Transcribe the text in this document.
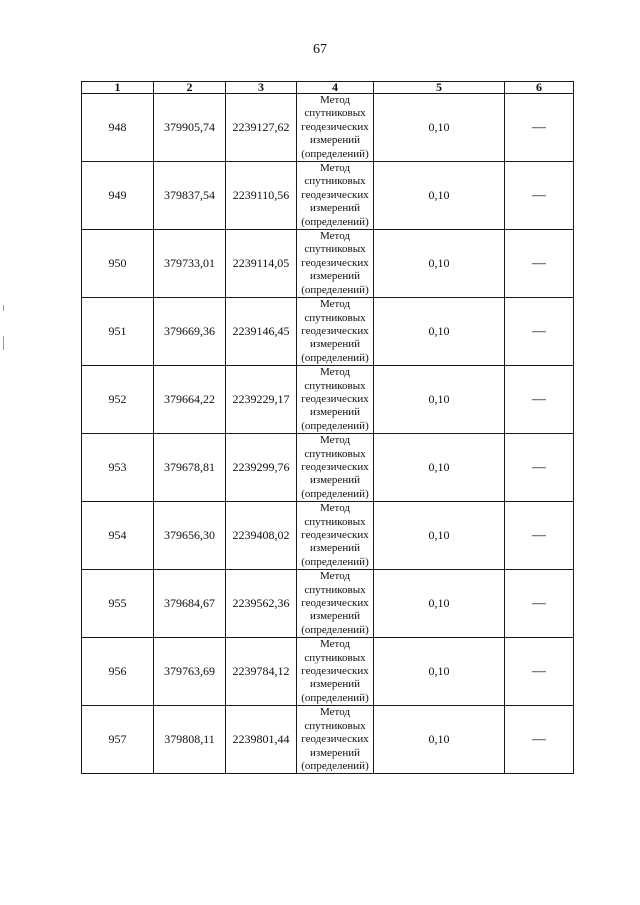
67
1	2	3	4	5	6
948	379905,74	2239127,62	Метод
спутниковых
геодезических
измерений
(определений)	0,10	—
949	379837,54	2239110,56	Метод
спутниковых
геодезических
измерений
(определений)	0,10	—
950	379733,01	2239114,05	Метод
спутниковых
геодезических
измерений
(определений)	0,10	—
951	379669,36	2239146,45	Метод
спутниковых
геодезических
измерений
(определений)	0,10	—
952	379664,22	2239229,17	Метод
спутниковых
геодезических
измерений
(определений)	0,10	—
953	379678,81	2239299,76	Метод
спутниковых
геодезических
измерений
(определений)	0,10	—
954	379656,30	2239408,02	Метод
спутниковых
геодезических
измерений
(определений)	0,10	—
955	379684,67	2239562,36	Метод
спутниковых
геодезических
измерений
(определений)	0,10	—
956	379763,69	2239784,12	Метод
спутниковых
геодезических
измерений
(определений)	0,10	—
957	379808,11	2239801,44	Метод
спутниковых
геодезических
измерений
(определений)	0,10	—
